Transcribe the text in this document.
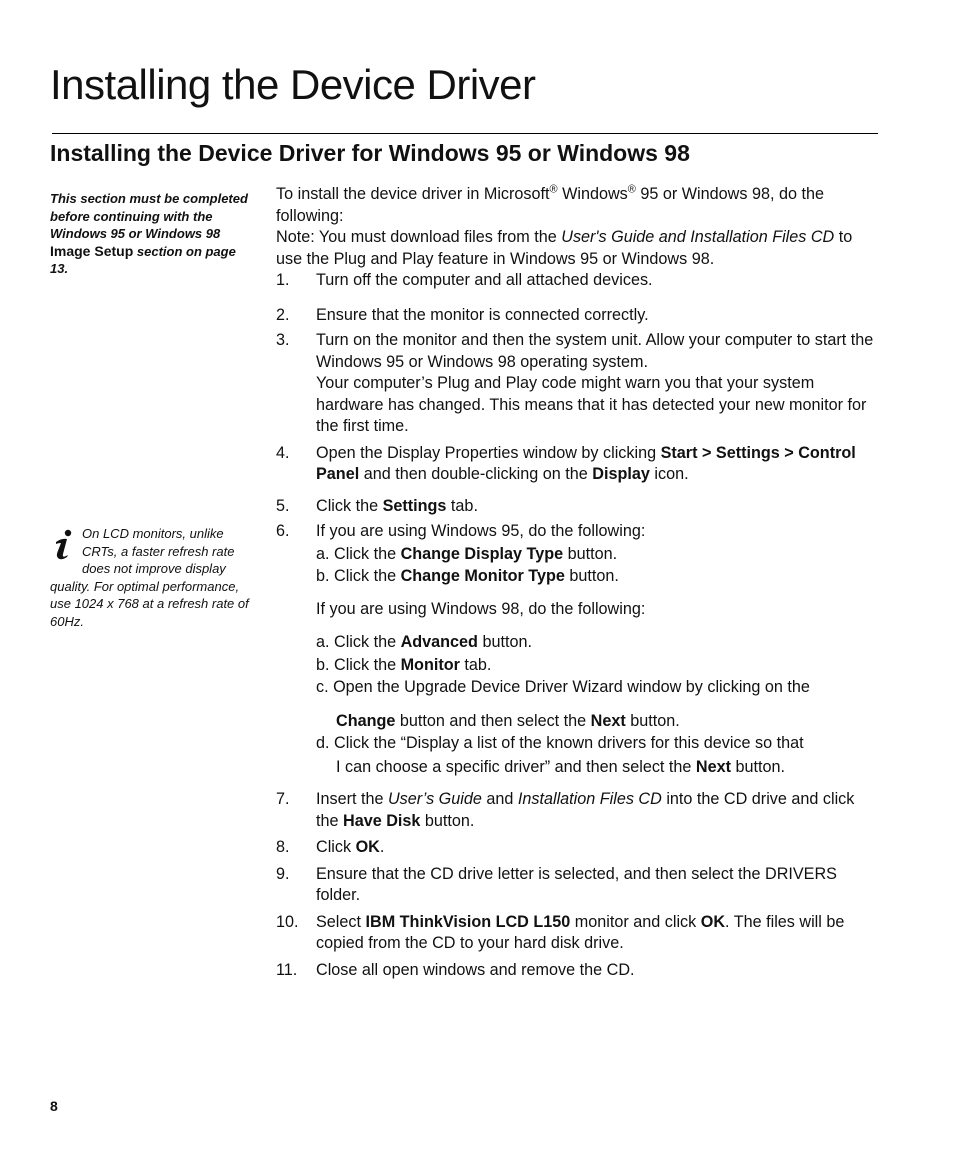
Installing the Device Driver
Installing the Device Driver for Windows 95 or Windows 98
This section must be completed before continuing with the Windows 95 or Windows 98 Image Setup section on page 13.
On LCD monitors, unlike CRTs, a faster refresh rate does not improve display quality. For optimal performance, use 1024 x 768 at a refresh rate of 60Hz.

To install the device driver in Microsoft® Windows® 95 or Windows 98, do the following:

Note: You must download files from the User's Guide and Installation Files CD to use the Plug and Play feature in Windows 95 or Windows 98.

1. Turn off the computer and all attached devices.
2. Ensure that the monitor is connected correctly.
3. Turn on the monitor and then the system unit. Allow your computer to start the Windows 95 or Windows 98 operating system.
Your computer’s Plug and Play code might warn you that your system hardware has changed. This means that it has detected your new monitor for the first time.
4. Open the Display Properties window by clicking Start > Settings > Control Panel and then double-clicking on the Display icon.
5. Click the Settings tab.
6. If you are using Windows 95, do the following:
a. Click the Change Display Type button.
b. Click the Change Monitor Type button.
If you are using Windows 98, do the following:
a. Click the Advanced button.
b. Click the Monitor tab.
c. Open the Upgrade Device Driver Wizard window by clicking on the
Change button and then select the Next button.
d. Click the “Display a list of the known drivers for this device so that
I can choose a specific driver” and then select the Next button.
7. Insert the User’s Guide and Installation Files CD into the CD drive and click the Have Disk button.
8. Click OK.
9. Ensure that the CD drive letter is selected, and then select the DRIVERS folder.
10. Select IBM ThinkVision LCD L150 monitor and click OK. The files will be copied from the CD to your hard disk drive.
11. Close all open windows and remove the CD.
8
